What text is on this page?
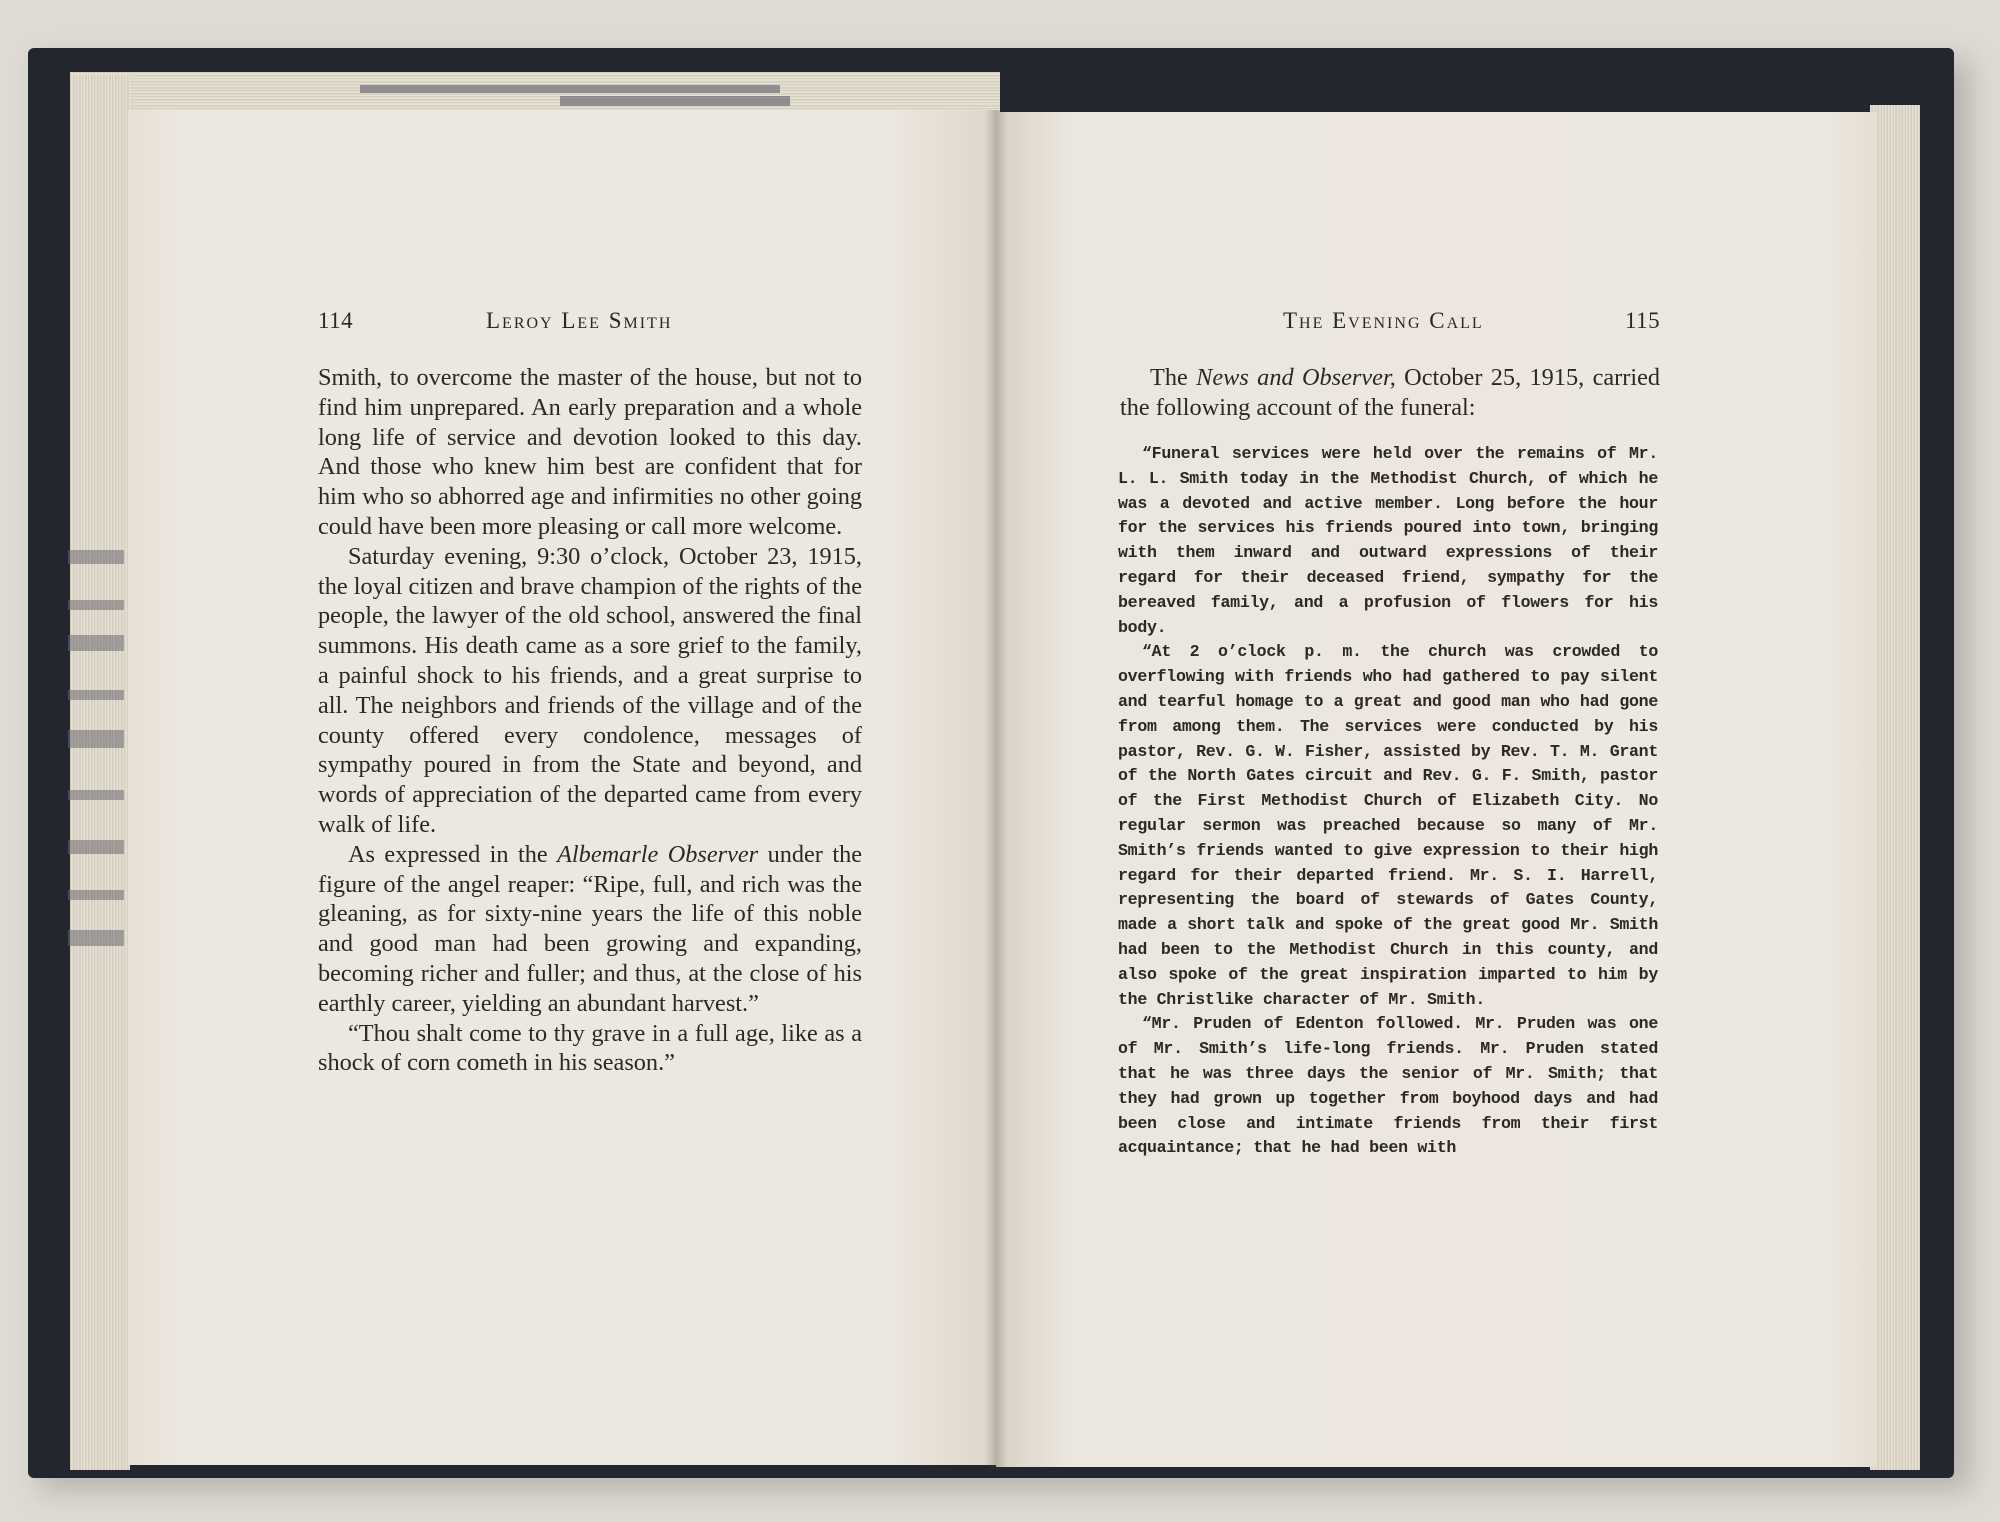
114	Leroy Lee Smith

Smith, to overcome the master of the house, but not to find him unprepared. An early preparation and a whole long life of service and devotion looked to this day. And those who knew him best are confident that for him who so abhorred age and infirmities no other going could have been more pleasing or call more welcome.

Saturday evening, 9:30 o’clock, October 23, 1915, the loyal citizen and brave champion of the rights of the people, the lawyer of the old school, answered the final summons. His death came as a sore grief to the family, a painful shock to his friends, and a great surprise to all. The neighbors and friends of the village and of the county offered every condolence, messages of sympathy poured in from the State and beyond, and words of appreciation of the departed came from every walk of life.

As expressed in the Albemarle Observer under the figure of the angel reaper: “Ripe, full, and rich was the gleaning, as for sixty-nine years the life of this noble and good man had been growing and expanding, becoming richer and fuller; and thus, at the close of his earthly career, yielding an abundant harvest.”

“Thou shalt come to thy grave in a full age, like as a shock of corn cometh in his season.”

The Evening Call	115

The News and Observer, October 25, 1915, carried the following account of the funeral:

“Funeral services were held over the remains of Mr. L. L. Smith today in the Methodist Church, of which he was a devoted and active member. Long before the hour for the services his friends poured into town, bringing with them inward and outward expressions of their regard for their deceased friend, sympathy for the bereaved family, and a profusion of flowers for his body.

“At 2 o’clock p. m. the church was crowded to overflowing with friends who had gathered to pay silent and tearful homage to a great and good man who had gone from among them. The services were conducted by his pastor, Rev. G. W. Fisher, assisted by Rev. T. M. Grant of the North Gates circuit and Rev. G. F. Smith, pastor of the First Methodist Church of Elizabeth City. No regular sermon was preached because so many of Mr. Smith’s friends wanted to give expression to their high regard for their departed friend. Mr. S. I. Harrell, representing the board of stewards of Gates County, made a short talk and spoke of the great good Mr. Smith had been to the Methodist Church in this county, and also spoke of the great inspiration imparted to him by the Christlike character of Mr. Smith.

“Mr. Pruden of Edenton followed. Mr. Pruden was one of Mr. Smith’s life-long friends. Mr. Pruden stated that he was three days the senior of Mr. Smith; that they had grown up together from boyhood days and had been close and intimate friends from their first acquaintance; that he had been with
